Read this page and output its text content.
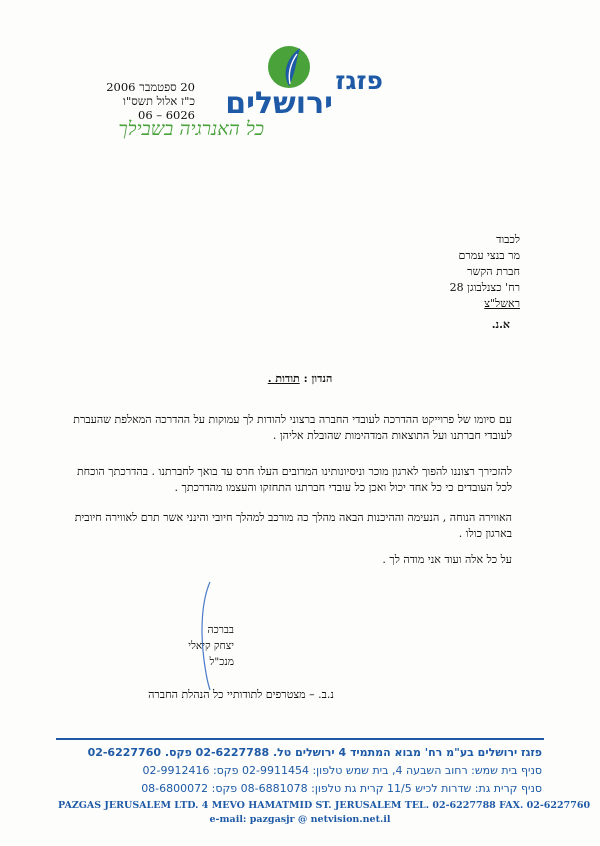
פזגז
ירושלים
כל האנרגיה בשבילך
20 ספטמבר 2006
כ"ז אלול תשס"ו
6026 – 06
לכבוד
מר בנצי עמרם
חברת הקשר
רח' כצנלבוגן 28
ראשל"צ
א.נ.
הנדון : תודות .
עם סיומו של פרוייקט ההדרכה לעובדי החברה ברצוני להודות לך עמוקות על ההדרכה המאלפת שהעברת לעובדי חברתנו ועל התוצאות המדהימות שהובלת אליהן .
להזכירך רצוננו להפוך לארגון מוכר וניסיונותינו המרובים העלו חרס עד בואך לחברתנו . בהדרכתך הוכחת לכל העובדים כי כל אחד יכול ואכן כל עובדי חברתנו התחזקו והעצמו מהדרכתך .
האווירה הנוחה , הנעימה וההיכנות הבאה מהלך כה מורכב למהלך חיובי והינני אשר תרם לאווירה חיובית בארגון כולו .
על כל אלה ועוד אני מודה לך .
בברכה
יצחק קיאלי
מנכ"ל
נ.ב. – מצטרפים לתודותיי כל הנהלת החברה
פזגז ירושלים בע"מ רח' מבוא המתמיד 4 ירושלים טל. 02-6227788 פקס. 02-6227760
סניף בית שמש: רחוב השבעה 4, בית שמש טלפון: 02-9911454 פקס: 02-9912416
סניף קרית גת: שדרות לכיש 11/5 קרית גת טלפון: 08-6881078 פקס: 08-6800072
PAZGAS JERUSALEM LTD. 4 MEVO HAMATMID ST. JERUSALEM TEL. 02-6227788 FAX. 02-6227760
e-mail: pazgasjr @ netvision.net.il
